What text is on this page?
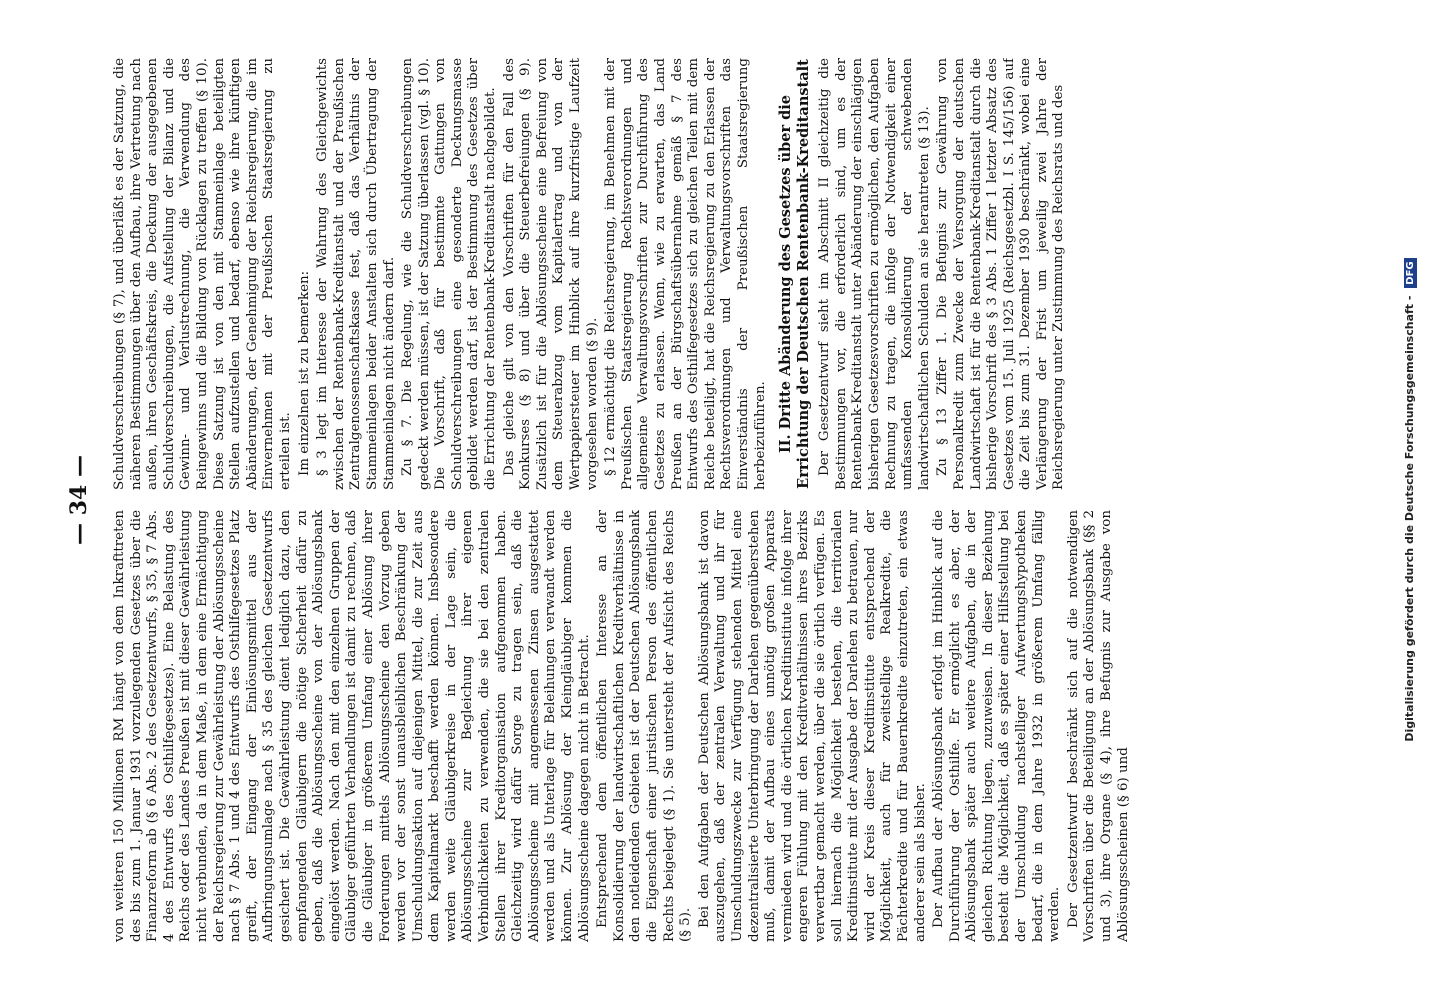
— 34 —

von weiteren 150 Millionen RM hängt von dem Inkrafttreten des bis zum 1. Januar 1931 vorzulegenden Gesetzes über die Finanzreform ab (§ 6 Abs. 2 des Gesetzentwurfs, § 35, § 7 Abs. 4 des Entwurfs des Osthilfegesetzes). Eine Belastung des Reichs oder des Landes Preußen ist mit dieser Gewährleistung nicht verbunden, da in dem Maße, in dem eine Ermächtigung der Reichsregierung zur Gewährleistung der Ablösungsscheine nach § 7 Abs. 1 und 4 des Entwurfs des Osthilfegesetzes Platz greift, der Eingang der Einlösungsmittel aus der Aufbringungsumlage nach § 35 des gleichen Gesetzentwurfs gesichert ist. Die Gewährleistung dient lediglich dazu, den empfangenden Gläubigern die nötige Sicherheit dafür zu geben, daß die Ablösungsscheine von der Ablösungsbank eingelöst werden. Nach den mit den einzelnen Gruppen der Gläubiger geführten Verhandlungen ist damit zu rechnen, daß die Gläubiger in größerem Umfang einer Ablösung ihrer Forderungen mittels Ablösungsscheine den Vorzug geben werden vor der sonst unausbleiblichen Beschränkung der Umschuldungsaktion auf diejenigen Mittel, die zur Zeit aus dem Kapitalmarkt beschafft werden können. Insbesondere werden weite Gläubigerkreise in der Lage sein, die Ablösungsscheine zur Begleichung ihrer eigenen Verbindlichkeiten zu verwenden, die sie bei den zentralen Stellen ihrer Kreditorganisation aufgenommen haben. Gleichzeitig wird dafür Sorge zu tragen sein, daß die Ablösungsscheine mit angemessenen Zinsen ausgestattet werden und als Unterlage für Beleihungen verwandt werden können. Zur Ablösung der Kleingläubiger kommen die Ablösungsscheine dagegen nicht in Betracht. Entsprechend dem öffentlichen Interesse an der Konsolidierung der landwirtschaftlichen Kreditverhältnisse in den notleidenden Gebieten ist der Deutschen Ablösungsbank die Eigenschaft einer juristischen Person des öffentlichen Rechts beigelegt (§ 1). Sie untersteht der Aufsicht des Reichs (§ 5). Bei den Aufgaben der Deutschen Ablösungsbank ist davon auszugehen, daß der zentralen Verwaltung und ihr für Umschuldungszwecke zur Verfügung stehenden Mittel eine dezentralisierte Unterbringung der Darlehen gegenüberstehen muß, damit der Aufbau eines unnötig großen Apparats vermieden wird und die örtlichen Kreditinstitute infolge ihrer engeren Fühlung mit den Kreditverhältnissen ihres Bezirks verwertbar gemacht werden, über die sie örtlich verfügen. Es soll hiernach die Möglichkeit bestehen, die territorialen Kreditinstitute mit der Ausgabe der Darlehen zu betrauen, nur wird der Kreis dieser Kreditinstitute entsprechend der Möglichkeit, auch für zweitstellige Realkredite, die Pächterkredite und für Bauernkredite einzutreten, ein etwas anderer sein als bisher. Der Aufbau der Ablösungsbank erfolgt im Hinblick auf die Durchführung der Osthilfe. Er ermöglicht es aber, der Ablösungsbank später auch weitere Aufgaben, die in der gleichen Richtung liegen, zuzuweisen. In dieser Beziehung besteht die Möglichkeit, daß es später einer Hilfsstellung bei der Umschuldung nachstelliger Aufwertungshypotheken bedarf, die in dem Jahre 1932 in größerem Umfang fällig werden. Der Gesetzentwurf beschränkt sich auf die notwendigen Vorschriften über die Beteiligung an der Ablösungsbank (§§ 2 und 3), ihre Organe (§ 4), ihre Befugnis zur Ausgabe von Ablösungsscheinen (§ 6) und

Schuldverschreibungen (§ 7), und überläßt es der Satzung, die näheren Bestimmungen über den Aufbau, ihre Vertretung nach außen, ihren Geschäftskreis, die Deckung der ausgegebenen Schuldverschreibungen, die Aufstellung der Bilanz und die Gewinn- und Verlustrechnung, die Verwendung des Reingewinns und die Bildung von Rücklagen zu treffen (§ 10). Diese Satzung ist von den mit Stammeinlage beteiligten Stellen aufzustellen und bedarf, ebenso wie ihre künftigen Abänderungen, der Genehmigung der Reichsregierung, die im Einvernehmen mit der Preußischen Staatsregierung zu erteilen ist. Im einzelnen ist zu bemerken: § 3 legt im Interesse der Wahrung des Gleichgewichts zwischen der Rentenbank-Kreditanstalt und der Preußischen Zentralgenossenschaftskasse fest, daß das Verhältnis der Stammeinlagen beider Anstalten sich durch Übertragung der Stammeinlagen nicht ändern darf. Zu § 7. Die Regelung, wie die Schuldverschreibungen gedeckt werden müssen, ist der Satzung überlassen (vgl. § 10). Die Vorschrift, daß für bestimmte Gattungen von Schuldverschreibungen eine gesonderte Deckungsmasse gebildet werden darf, ist der Bestimmung des Gesetzes über die Errichtung der Rentenbank-Kreditanstalt nachgebildet. Das gleiche gilt von den Vorschriften für den Fall des Konkurses (§ 8) und über die Steuerbefreiungen (§ 9). Zusätzlich ist für die Ablösungsscheine eine Befreiung von dem Steuerabzug vom Kapitalertrag und von der Wertpapiersteuer im Hinblick auf ihre kurzfristige Laufzeit vorgesehen worden (§ 9). § 12 ermächtigt die Reichsregierung, im Benehmen mit der Preußischen Staatsregierung Rechtsverordnungen und allgemeine Verwaltungsvorschriften zur Durchführung des Gesetzes zu erlassen. Wenn, wie zu erwarten, das Land Preußen an der Bürgschaftsübernahme gemäß § 7 des Entwurfs des Osthilfegesetzes sich zu gleichen Teilen mit dem Reiche beteiligt, hat die Reichsregierung zu den Erlassen der Rechtsverordnungen und Verwaltungsvorschriften das Einverständnis der Preußischen Staatsregierung herbeizuführen. II. Dritte Abänderung des Gesetzes über die Errichtung der Deutschen Rentenbank-Kreditanstalt Der Gesetzentwurf sieht im Abschnitt II gleichzeitig die Bestimmungen vor, die erforderlich sind, um es der Rentenbank-Kreditanstalt unter Abänderung der einschlägigen bisherigen Gesetzesvorschriften zu ermöglichen, den Aufgaben Rechnung zu tragen, die infolge der Notwendigkeit einer umfassenden Konsolidierung der schwebenden landwirtschaftlichen Schulden an sie herantreten (§ 13). Zu § 13 Ziffer 1. Die Befugnis zur Gewährung von Personalkredit zum Zwecke der Versorgung der deutschen Landwirtschaft ist für die Rentenbank-Kreditanstalt durch die bisherige Vorschrift des § 3 Abs. 1 Ziffer 1 letzter Absatz des Gesetzes vom 15. Juli 1925 (Reichsgesetzbl. I S. 145/156) auf die Zeit bis zum 31. Dezember 1930 beschränkt, wobei eine Verlängerung der Frist um jeweilig zwei Jahre der Reichsregierung unter Zustimmung des Reichsrats und des

Digitalisierung gefördert durch die Deutsche Forschungsgemeinschaft - DFG
